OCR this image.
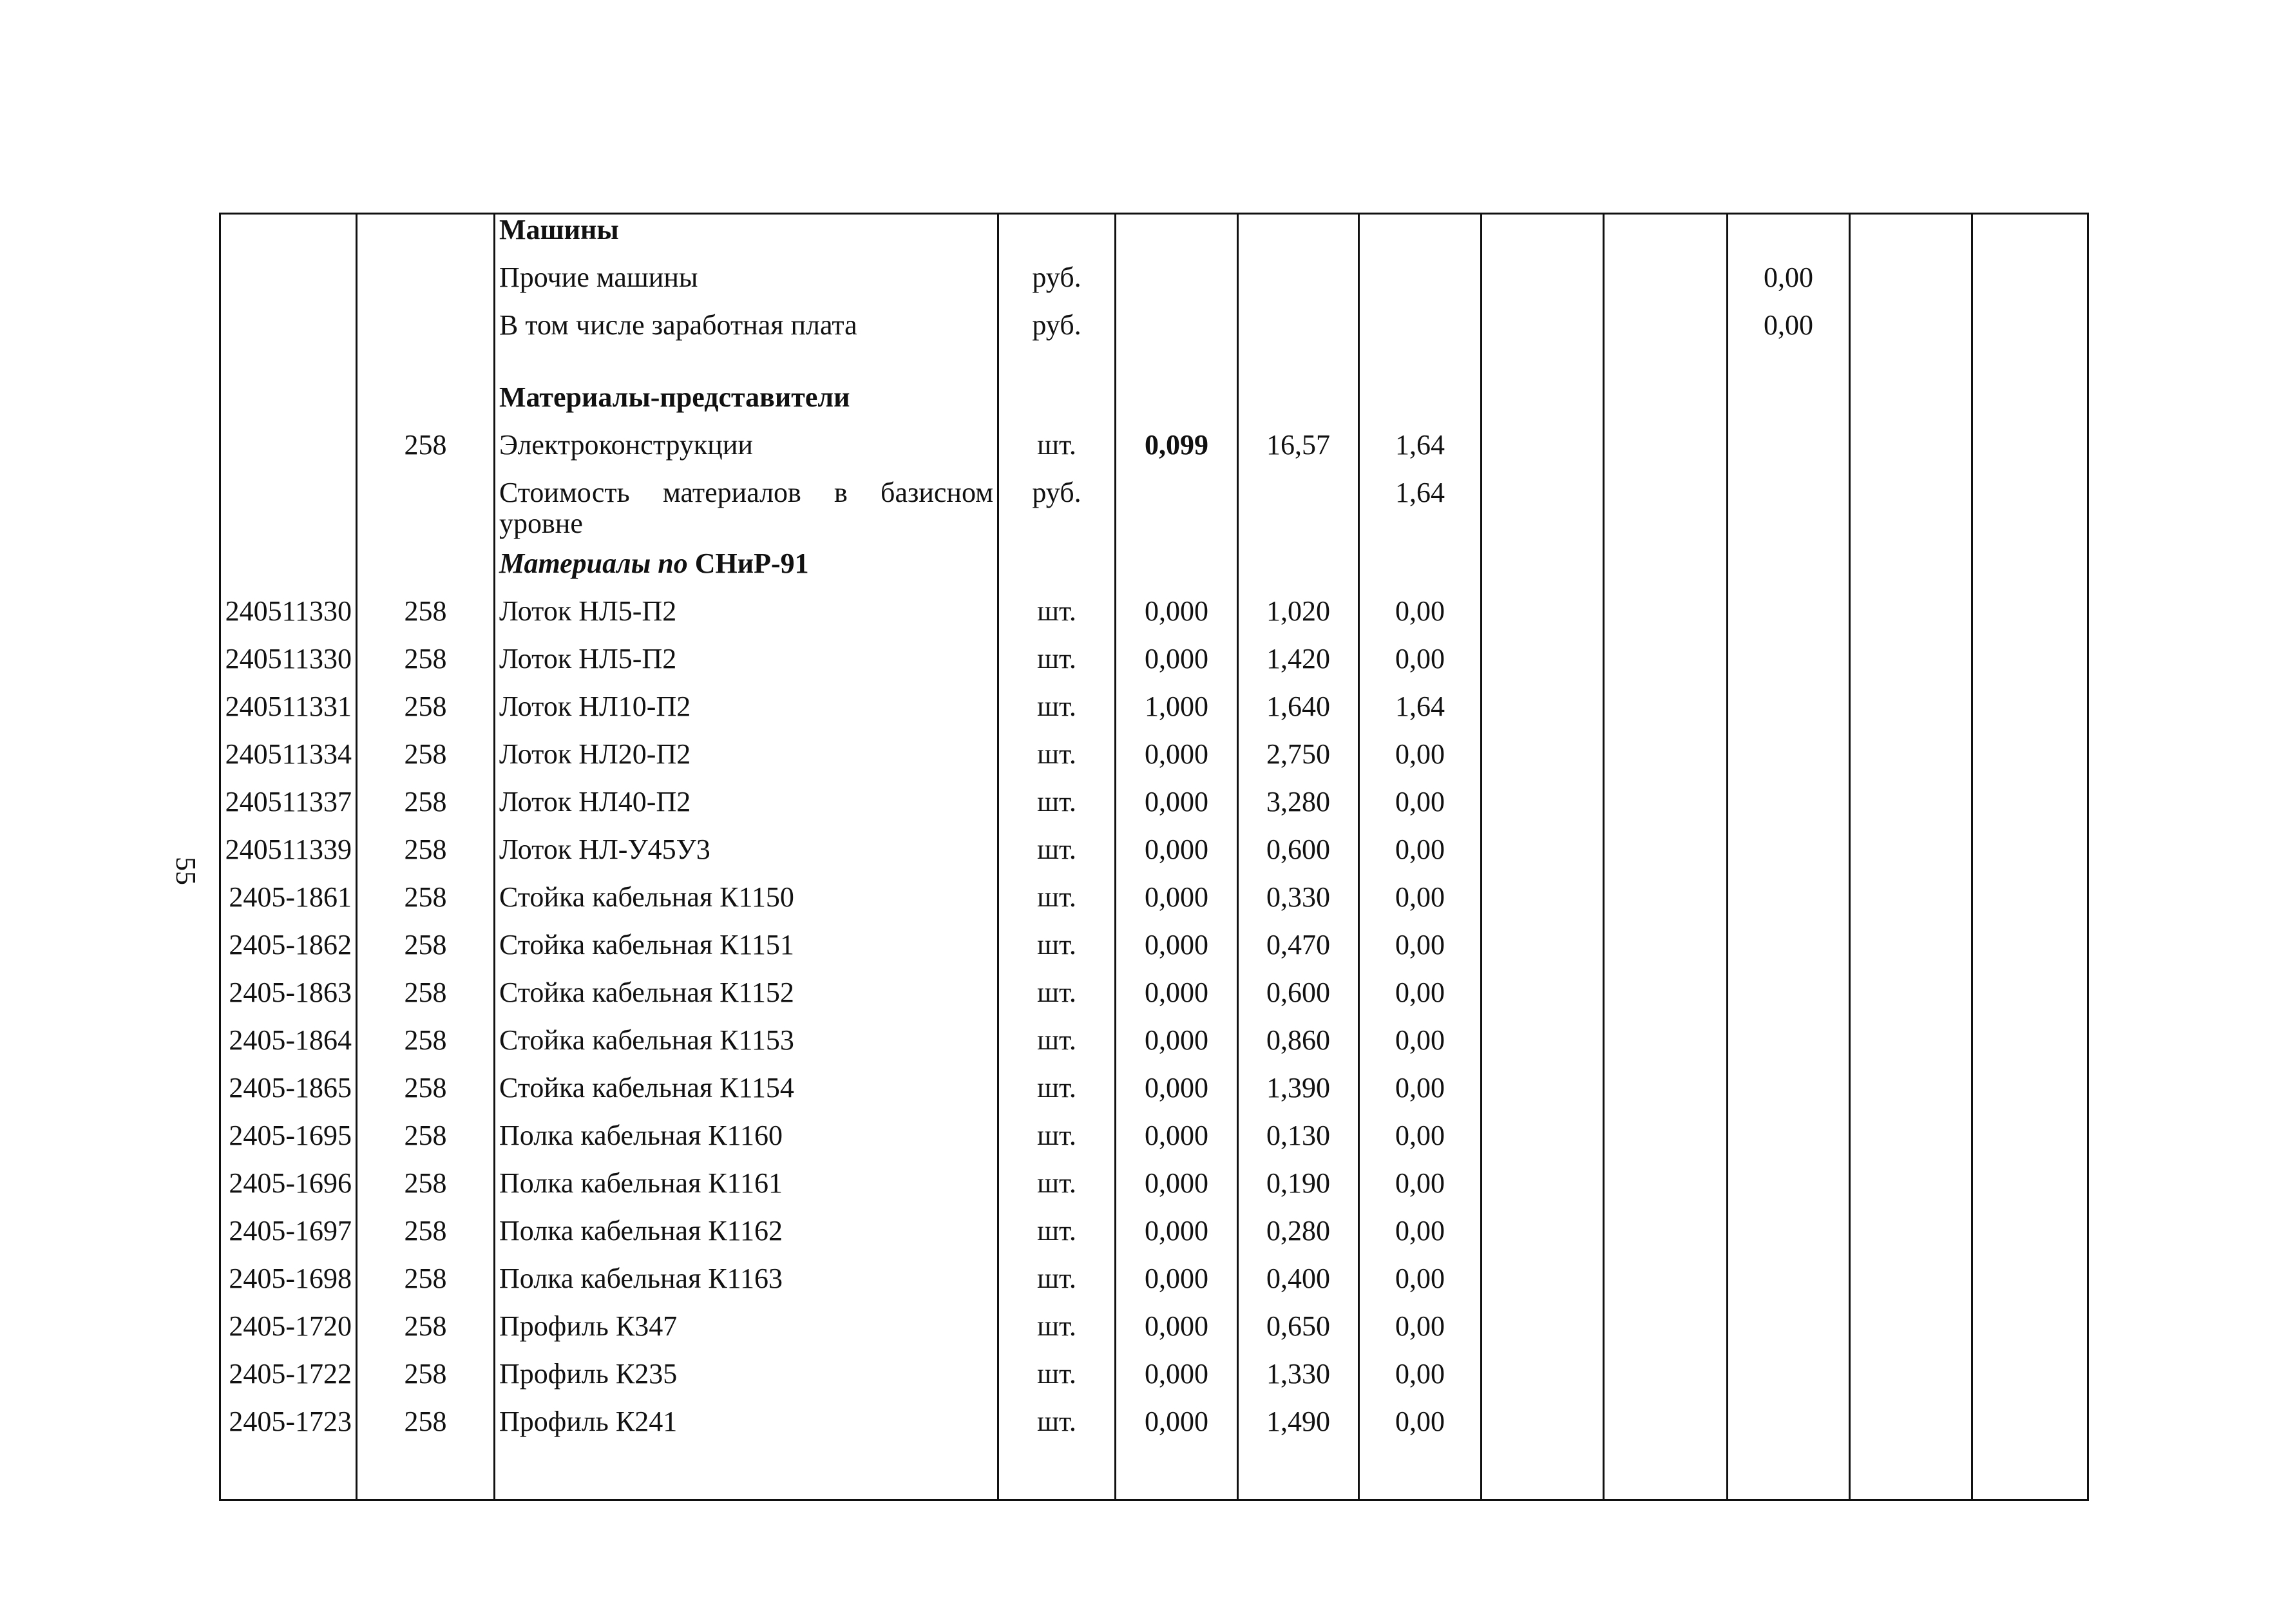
55
		Машины									
		Прочие машины	руб.						0,00		
		В том числе заработная плата	руб.						0,00		

		Материалы-представители									
	258	Электроконструкции	шт.	0,099	16,57	1,64					
		Стоимость материалов в базисном уровне	руб.			1,64					
		Материалы по СНиР-91									
240511330	258	Лоток НЛ5-П2	шт.	0,000	1,020	0,00					
240511330	258	Лоток НЛ5-П2	шт.	0,000	1,420	0,00					
240511331	258	Лоток НЛ10-П2	шт.	1,000	1,640	1,64					
240511334	258	Лоток НЛ20-П2	шт.	0,000	2,750	0,00					
240511337	258	Лоток НЛ40-П2	шт.	0,000	3,280	0,00					
240511339	258	Лоток НЛ-У45У3	шт.	0,000	0,600	0,00					
2405-1861	258	Стойка кабельная К1150	шт.	0,000	0,330	0,00					
2405-1862	258	Стойка кабельная К1151	шт.	0,000	0,470	0,00					
2405-1863	258	Стойка кабельная К1152	шт.	0,000	0,600	0,00					
2405-1864	258	Стойка кабельная К1153	шт.	0,000	0,860	0,00					
2405-1865	258	Стойка кабельная К1154	шт.	0,000	1,390	0,00					
2405-1695	258	Полка кабельная К1160	шт.	0,000	0,130	0,00					
2405-1696	258	Полка кабельная К1161	шт.	0,000	0,190	0,00					
2405-1697	258	Полка кабельная К1162	шт.	0,000	0,280	0,00					
2405-1698	258	Полка кабельная К1163	шт.	0,000	0,400	0,00					
2405-1720	258	Профиль К347	шт.	0,000	0,650	0,00					
2405-1722	258	Профиль К235	шт.	0,000	1,330	0,00					
2405-1723	258	Профиль К241	шт.	0,000	1,490	0,00					
